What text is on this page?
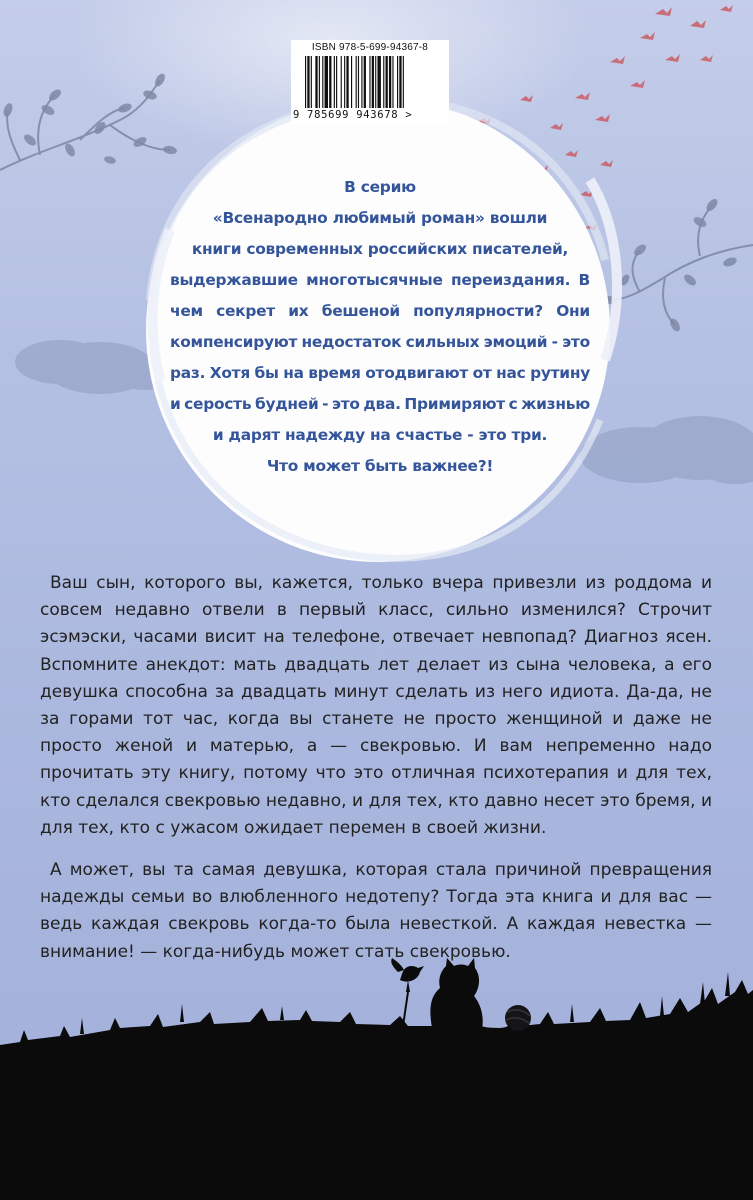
ISBN 978-5-699-94367-8
9 785699 943678 >
В серию
«Всенародно любимый роман» вошли
книги современных российских писателей,
выдержавшие многотысячные переиздания. В
чем секрет их бешеной популярности? Они
компенсируют недостаток сильных эмоций - это
раз. Хотя бы на время отодвигают от нас рутину
и серость будней - это два. Примиряют с жизнью
и дарят надежду на счастье - это три.
Что может быть важнее?!

Ваш сын, которого вы, кажется, только вчера привезли из роддома и совсем недавно отвели в первый класс, сильно изменился? Строчит эсэмэски, часами висит на телефоне, отвечает невпопад? Диагноз ясен. Вспомните анекдот: мать двадцать лет делает из сына человека, а его девушка способна за двадцать минут сделать из него идиота. Да-да, не за горами тот час, когда вы станете не просто женщиной и даже не просто женой и матерью, а — свекровью. И вам непременно надо прочитать эту книгу, потому что это отличная психотерапия и для тех, кто сделался свекровью недавно, и для тех, кто давно несет это бремя, и для тех, кто с ужасом ожидает перемен в своей жизни.

А может, вы та самая девушка, которая стала причиной превращения надежды семьи во влюбленного недотепу? Тогда эта книга и для вас — ведь каждая свекровь когда-то была невесткой. А каждая невестка — внимание! — когда-нибудь может стать свекровью.
